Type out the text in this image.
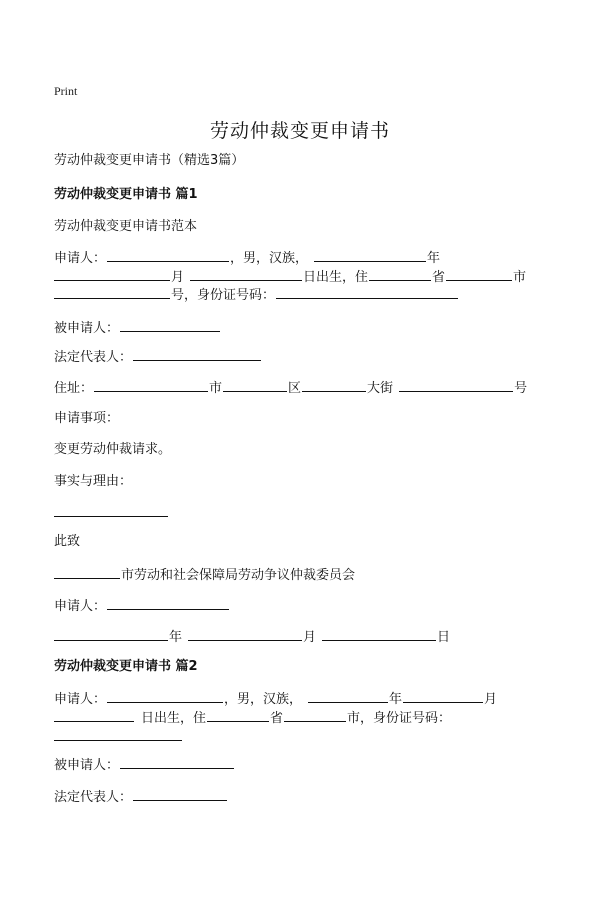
Print
劳动仲裁变更申请书
劳动仲裁变更申请书（精选3篇）
劳动仲裁变更申请书 篇1
劳动仲裁变更申请书范本
申请人：	，男，汉族，	年
月	日出生，住	省	市
号，身份证号码：
被申请人：
法定代表人：
住址：	市	区	大街	号
申请事项：
变更劳动仲裁请求。
事实与理由：
此致
市劳动和社会保障局劳动争议仲裁委员会
申请人：
年	月	日
劳动仲裁变更申请书 篇2
申请人：	，男，汉族，	年	月
日出生，住	省	市，身份证号码：
被申请人：
法定代表人：
